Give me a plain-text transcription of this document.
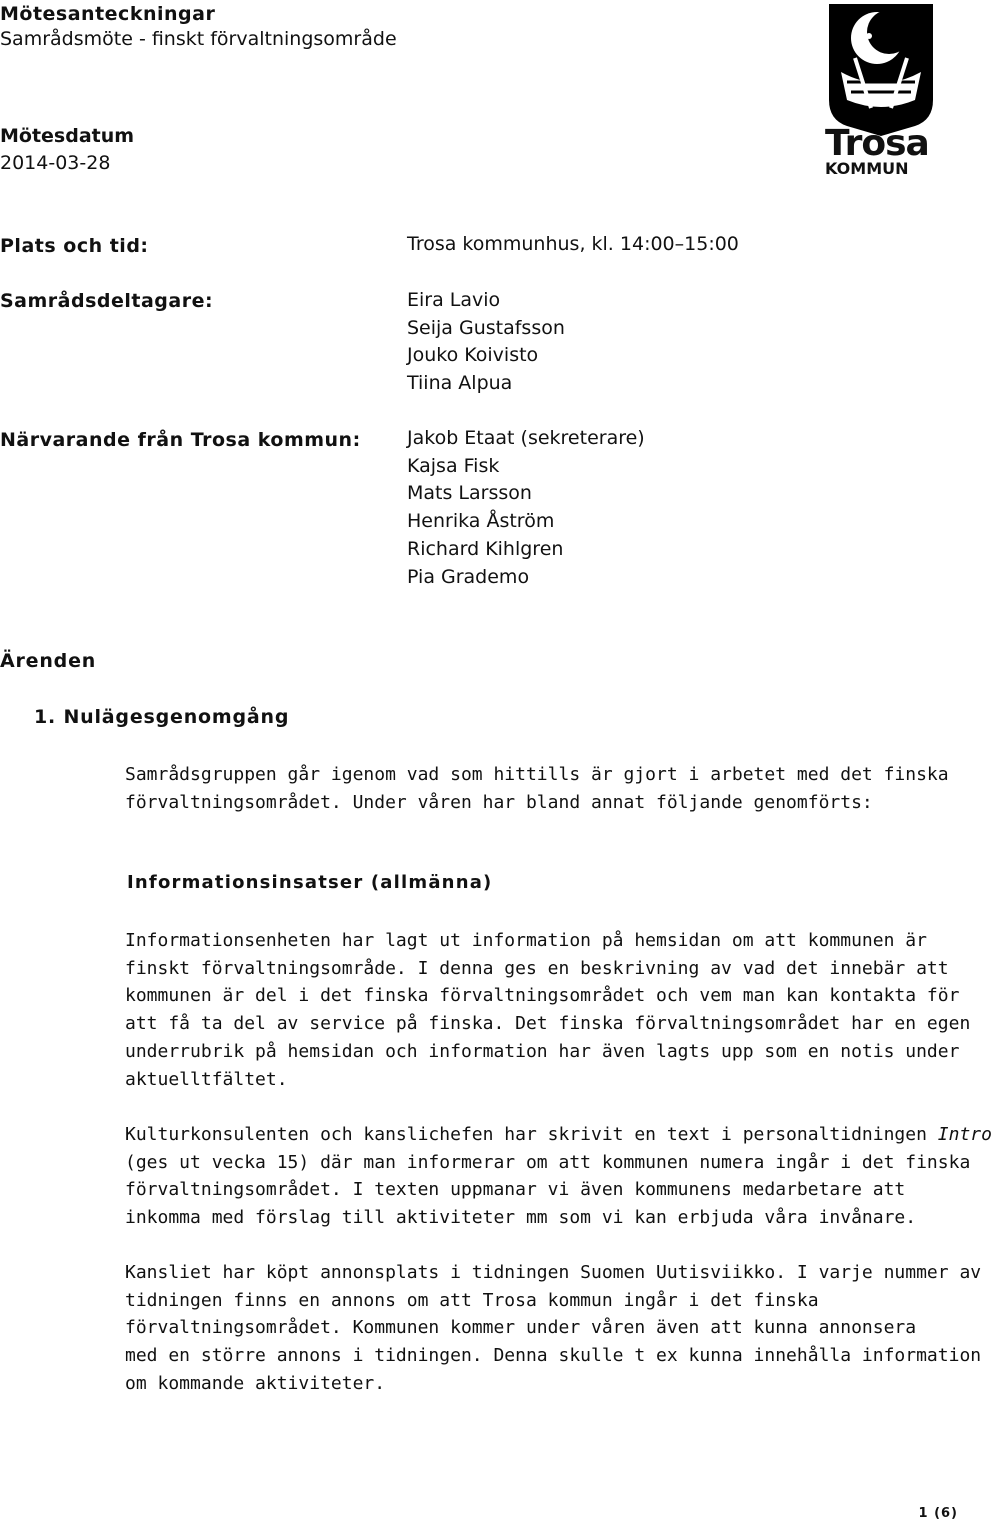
Mötesanteckningar
Samrådsmöte - finskt förvaltningsområde
Mötesdatum
2014-03-28	Trosa
KOMMUN
Plats och tid:	Trosa kommunhus, kl. 14:00–15:00
Samrådsdeltagare:	Eira Lavio
Seija Gustafsson
Jouko Koivisto
Tiina Alpua
Närvarande från Trosa kommun: Jakob Etaat (sekreterare)
Kajsa Fisk
Mats Larsson
Henrika Åström
Richard Kihlgren
Pia Grademo
Ärenden
1. Nulägesgenomgång
Samrådsgruppen går igenom vad som hittills är gjort i arbetet med det finska
förvaltningsområdet. Under våren har bland annat följande genomförts:
Informationsinsatser (allmänna)
Informationsenheten har lagt ut information på hemsidan om att kommunen är
finskt förvaltningsområde. I denna ges en beskrivning av vad det innebär att
kommunen är del i det finska förvaltningsområdet och vem man kan kontakta för
att få ta del av service på finska. Det finska förvaltningsområdet har en egen
underrubrik på hemsidan och information har även lagts upp som en notis under
aktuelltfältet.
Kulturkonsulenten och kanslichefen har skrivit en text i personaltidningen Intro
(ges ut vecka 15) där man informerar om att kommunen numera ingår i det finska
förvaltningsområdet. I texten uppmanar vi även kommunens medarbetare att
inkomma med förslag till aktiviteter mm som vi kan erbjuda våra invånare.
Kansliet har köpt annonsplats i tidningen Suomen Uutisviikko. I varje nummer av
tidningen finns en annons om att Trosa kommun ingår i det finska
förvaltningsområdet. Kommunen kommer under våren även att kunna annonsera
med en större annons i tidningen. Denna skulle t ex kunna innehålla information
om kommande aktiviteter.
1 (6)
